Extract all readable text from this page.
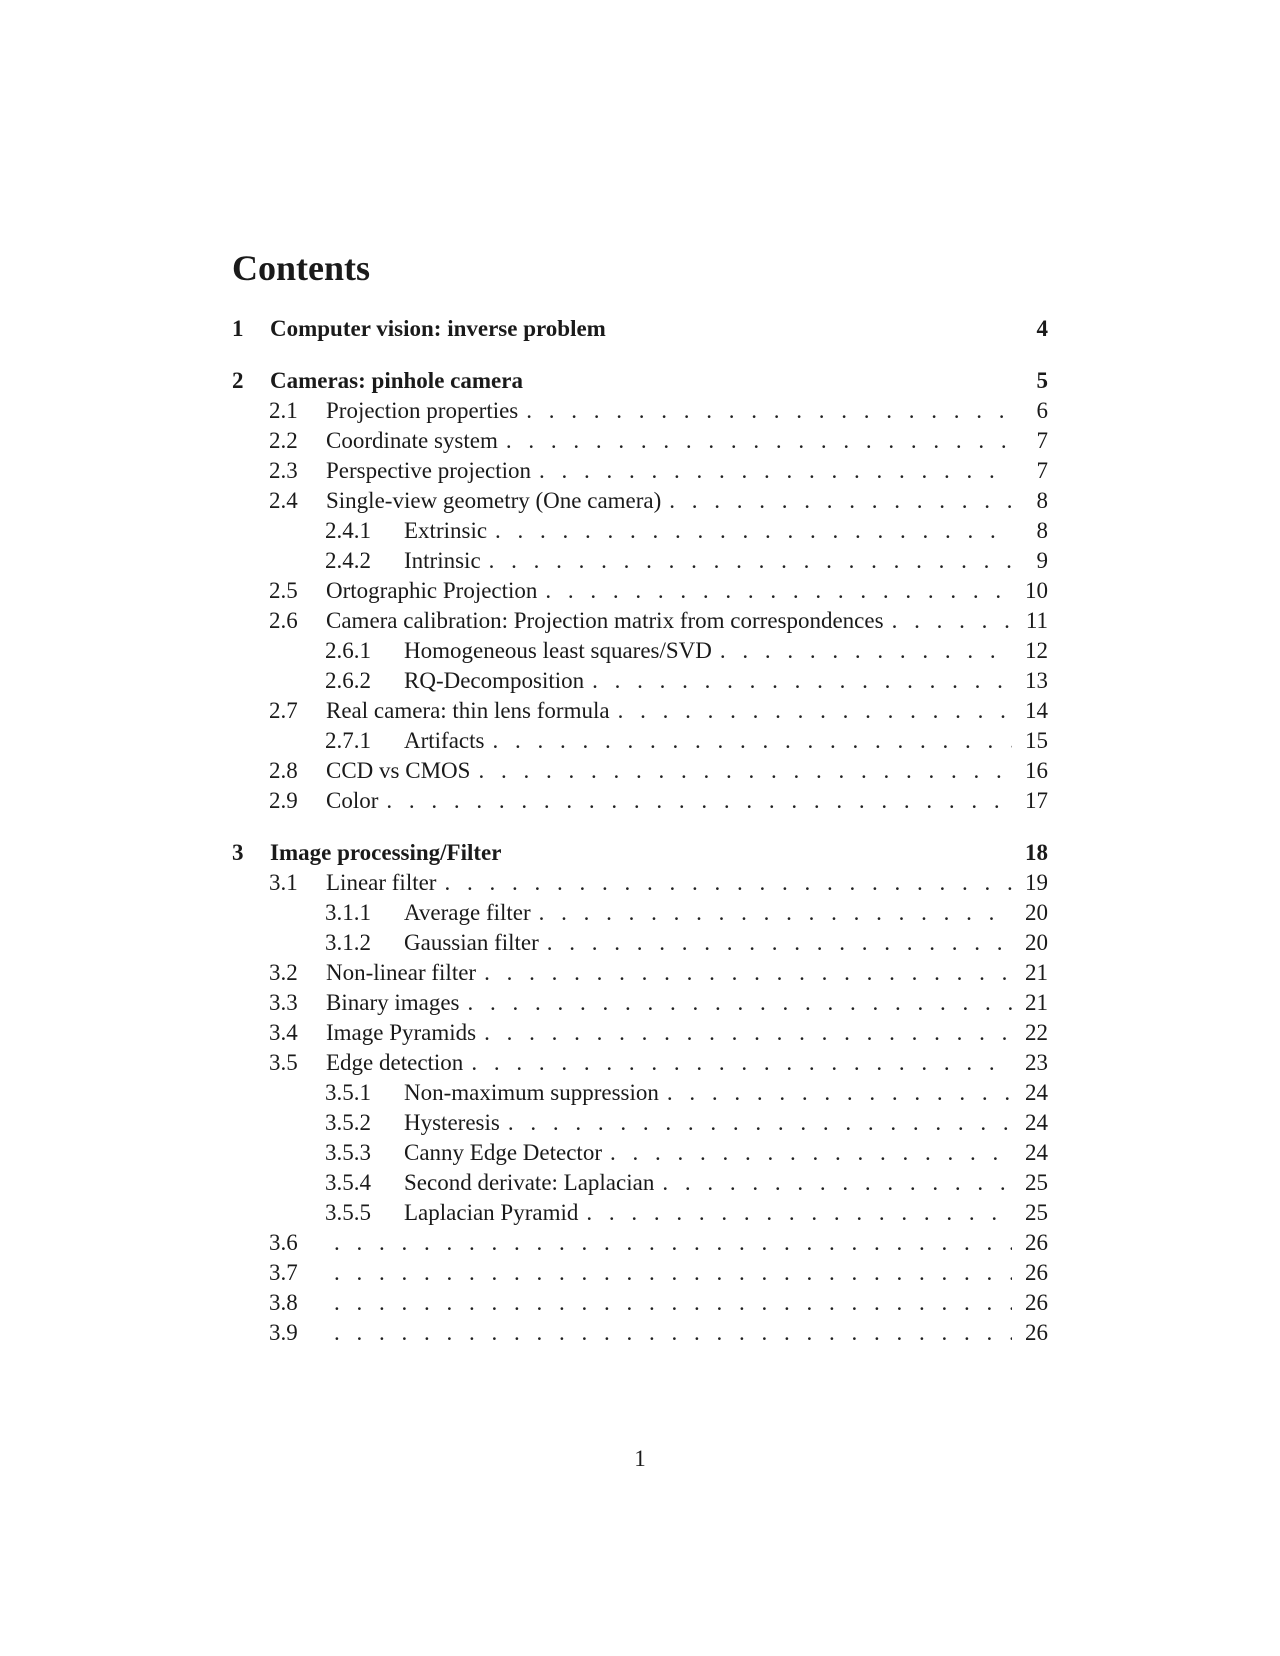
Contents
1	Computer vision: inverse problem	4
2	Cameras: pinhole camera	5
2.1	Projection properties . . .	6
2.2	Coordinate system . . .	7
2.3	Perspective projection . . .	7
2.4	Single-view geometry (One camera) . . .	8
2.4.1	Extrinsic . . .	8
2.4.2	Intrinsic . . .	9
2.5	Ortographic Projection . . .	10
2.6	Camera calibration: Projection matrix from correspondences . . .	11
2.6.1	Homogeneous least squares/SVD . . .	12
2.6.2	RQ-Decomposition . . .	13
2.7	Real camera: thin lens formula . . .	14
2.7.1	Artifacts . . .	15
2.8	CCD vs CMOS . . .	16
2.9	Color . . .	17
3	Image processing/Filter	18
3.1	Linear filter . . .	19
3.1.1	Average filter . . .	20
3.1.2	Gaussian filter . . .	20
3.2	Non-linear filter . . .	21
3.3	Binary images . . .	21
3.4	Image Pyramids . . .	22
3.5	Edge detection . . .	23
3.5.1	Non-maximum suppression . . .	24
3.5.2	Hysteresis . . .	24
3.5.3	Canny Edge Detector . . .	24
3.5.4	Second derivate: Laplacian . . .	25
3.5.5	Laplacian Pyramid . . .	25
3.6 . . .	26
3.7 . . .	26
3.8 . . .	26
3.9 . . .	26
1
